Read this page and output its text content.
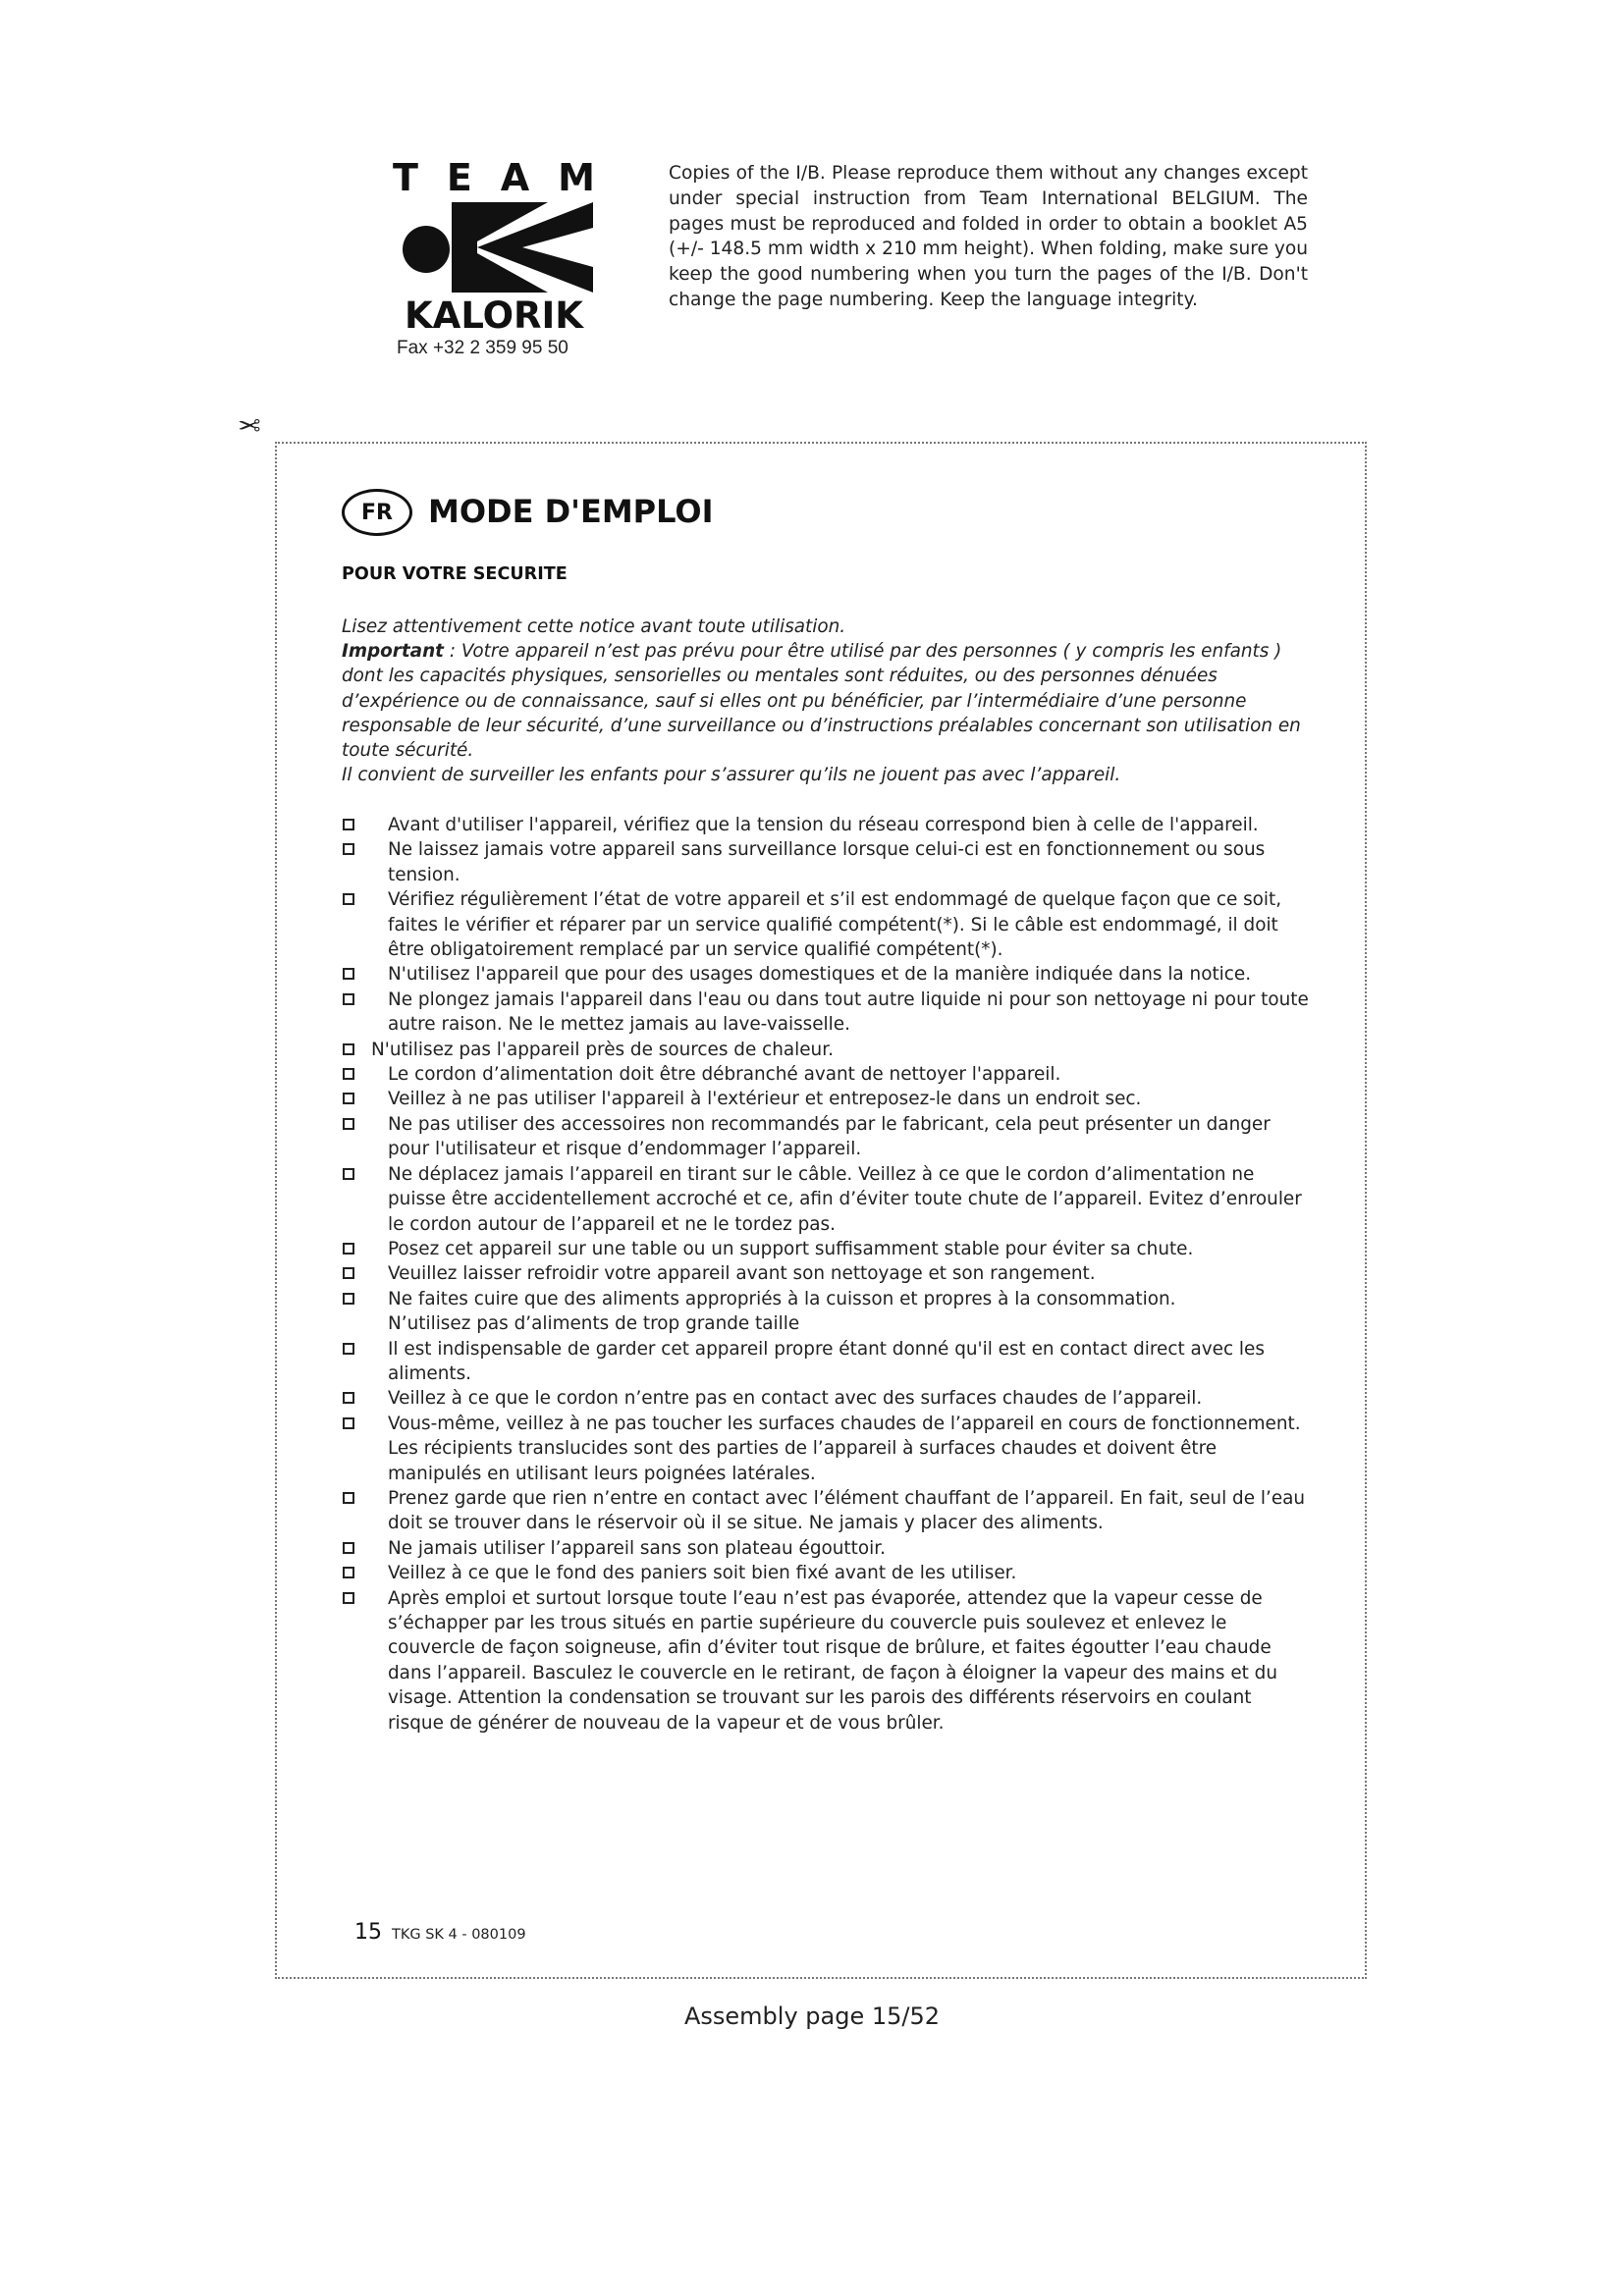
T E A M
KALORIK
Fax +32 2 359 95 50
Copies of the I/B. Please reproduce them without any changes except under special instruction from Team International BELGIUM. The pages must be reproduced and folded in order to obtain a booklet A5 (+/- 148.5 mm width x 210 mm height). When folding, make sure you keep the good numbering when you turn the pages of the I/B. Don't change the page numbering. Keep the language integrity.
✂
FR	MODE D'EMPLOI
POUR VOTRE SECURITE

Lisez attentivement cette notice avant toute utilisation.

Important : Votre appareil n’est pas prévu pour être utilisé par des personnes ( y compris les enfants ) dont les capacités physiques, sensorielles ou mentales sont réduites, ou des personnes dénuées d’expérience ou de connaissance, sauf si elles ont pu bénéficier, par l’intermédiaire d’une personne responsable de leur sécurité, d’une surveillance ou d’instructions préalables concernant son utilisation en toute sécurité.

Il convient de surveiller les enfants pour s’assurer qu’ils ne jouent pas avec l’appareil.

Avant d'utiliser l'appareil, vérifiez que la tension du réseau correspond bien à celle de l'appareil.
Ne laissez jamais votre appareil sans surveillance lorsque celui-ci est en fonctionnement ou sous tension.
Vérifiez régulièrement l’état de votre appareil et s’il est endommagé de quelque façon que ce soit, faites le vérifier et réparer par un service qualifié compétent(*). Si le câble est endommagé, il doit être obligatoirement remplacé par un service qualifié compétent(*).
N'utilisez l'appareil que pour des usages domestiques et de la manière indiquée dans la notice.
Ne plongez jamais l'appareil dans l'eau ou dans tout autre liquide ni pour son nettoyage ni pour toute autre raison. Ne le mettez jamais au lave-vaisselle.
N'utilisez pas l'appareil près de sources de chaleur.
Le cordon d’alimentation doit être débranché avant de nettoyer l'appareil.
Veillez à ne pas utiliser l'appareil à l'extérieur et entreposez-le dans un endroit sec.
Ne pas utiliser des accessoires non recommandés par le fabricant, cela peut présenter un danger pour l'utilisateur et risque d’endommager l’appareil.
Ne déplacez jamais l’appareil en tirant sur le câble. Veillez à ce que le cordon d’alimentation ne puisse être accidentellement accroché et ce, afin d’éviter toute chute de l’appareil. Evitez d’enrouler le cordon autour de l’appareil et ne le tordez pas.
Posez cet appareil sur une table ou un support suffisamment stable pour éviter sa chute.
Veuillez laisser refroidir votre appareil avant son nettoyage et son rangement.
Ne faites cuire que des aliments appropriés à la cuisson et propres à la consommation.
N’utilisez pas d’aliments de trop grande taille
Il est indispensable de garder cet appareil propre étant donné qu'il est en contact direct avec les aliments.
Veillez à ce que le cordon n’entre pas en contact avec des surfaces chaudes de l’appareil.
Vous-même, veillez à ne pas toucher les surfaces chaudes de l’appareil en cours de fonctionnement. Les récipients translucides sont des parties de l’appareil à surfaces chaudes et doivent être manipulés en utilisant leurs poignées latérales.
Prenez garde que rien n’entre en contact avec l’élément chauffant de l’appareil. En fait, seul de l’eau doit se trouver dans le réservoir où il se situe. Ne jamais y placer des aliments.
Ne jamais utiliser l’appareil sans son plateau égouttoir.
Veillez à ce que le fond des paniers soit bien fixé avant de les utiliser.
Après emploi et surtout lorsque toute l’eau n’est pas évaporée, attendez que la vapeur cesse de s’échapper par les trous situés en partie supérieure du couvercle puis soulevez et enlevez le couvercle de façon soigneuse, afin d’éviter tout risque de brûlure, et faites égoutter l’eau chaude dans l’appareil. Basculez le couvercle en le retirant, de façon à éloigner la vapeur des mains et du visage. Attention la condensation se trouvant sur les parois des différents réservoirs en coulant risque de générer de nouveau de la vapeur et de vous brûler.
15 TKG SK 4 - 080109
Assembly page 15/52
